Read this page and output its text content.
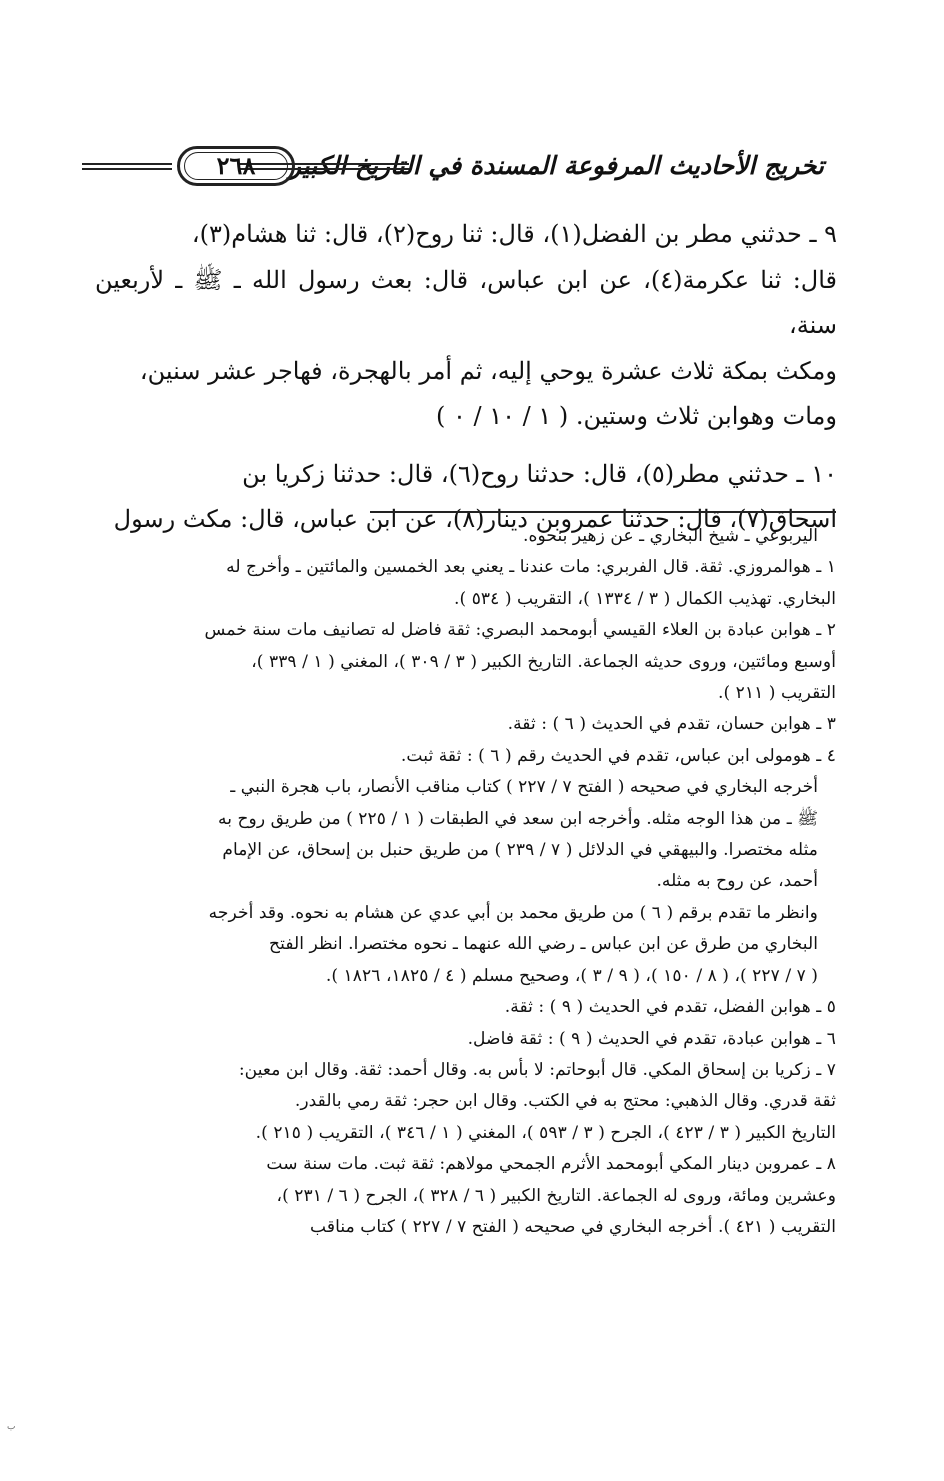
تخريج الأحاديث المرفوعة المسندة في التاريخ الكبير
٢٦٨

٩ ـ حدثني مطر بن الفضل(١)، قال: ثنا روح(٢)، قال: ثنا هشام(٣)،
قال: ثنا عكرمة(٤)، عن ابن عباس، قال: بعث رسول الله ـ ﷺ ـ لأربعين سنة،
ومكث بمكة ثلاث عشرة يوحي إليه، ثم أمر بالهجرة، فهاجر عشر سنين،
ومات وهوابن ثلاث وستين. ( ١ / ١٠ / ٠ )

١٠ ـ حدثني مطر(٥)، قال: حدثنا روح(٦)، قال: حدثنا زكريا بن
اسحاق(٧)، قال: حدثنا عمروبن دينار(٨)، عن ابن عباس، قال: مكث رسول

اليربوعي ـ شيخ البخاري ـ عن زهير بنحوه.

١ ـ هوالمروزي. ثقة. قال الفربري: مات عندنا ـ يعني بعد الخمسين والمائتين ـ وأخرج له
البخاري. تهذيب الكمال ( ٣ / ١٣٣٤ )، التقريب ( ٥٣٤ ).

٢ ـ هوابن عبادة بن العلاء القيسي أبومحمد البصري: ثقة فاضل له تصانيف مات سنة خمس
أوسبع ومائتين، وروى حديثه الجماعة. التاريخ الكبير ( ٣ / ٣٠٩ )، المغني ( ١ / ٣٣٩ )،
التقريب ( ٢١١ ).

٣ ـ هوابن حسان، تقدم في الحديث ( ٦ ) : ثقة.

٤ ـ هومولى ابن عباس، تقدم في الحديث رقم ( ٦ ) : ثقة ثبت.

أخرجه البخاري في صحيحه ( الفتح ٧ / ٢٢٧ ) كتاب مناقب الأنصار، باب هجرة النبي ـ
ﷺ ـ من هذا الوجه مثله. وأخرجه ابن سعد في الطبقات ( ١ / ٢٢٥ ) من طريق روح به
مثله مختصرا. والبيهقي في الدلائل ( ٧ / ٢٣٩ ) من طريق حنبل بن إسحاق، عن الإمام
أحمد، عن روح به مثله.

وانظر ما تقدم برقم ( ٦ ) من طريق محمد بن أبي عدي عن هشام به نحوه. وقد أخرجه
البخاري من طرق عن ابن عباس ـ رضي الله عنهما ـ نحوه مختصرا. انظر الفتح
( ٧ / ٢٢٧ )، ( ٨ / ١٥٠ )، ( ٩ / ٣ )، وصحيح مسلم ( ٤ / ١٨٢٥، ١٨٢٦ ).

٥ ـ هوابن الفضل، تقدم في الحديث ( ٩ ) : ثقة.

٦ ـ هوابن عبادة، تقدم في الحديث ( ٩ ) : ثقة فاضل.

٧ ـ زكريا بن إسحاق المكي. قال أبوحاتم: لا بأس به. وقال أحمد: ثقة. وقال ابن معين:
ثقة قدري. وقال الذهبي: محتج به في الكتب. وقال ابن حجر: ثقة رمي بالقدر.
التاريخ الكبير ( ٣ / ٤٢٣ )، الجرح ( ٣ / ٥٩٣ )، المغني ( ١ / ٣٤٦ )، التقريب ( ٢١٥ ).

٨ ـ عمروبن دينار المكي أبومحمد الأثرم الجمحي مولاهم: ثقة ثبت. مات سنة ست
وعشرين ومائة، وروى له الجماعة. التاريخ الكبير ( ٦ / ٣٢٨ )، الجرح ( ٦ / ٢٣١ )،
التقريب ( ٤٢١ ). أخرجه البخاري في صحيحه ( الفتح ٧ / ٢٢٧ ) كتاب مناقب

ب
